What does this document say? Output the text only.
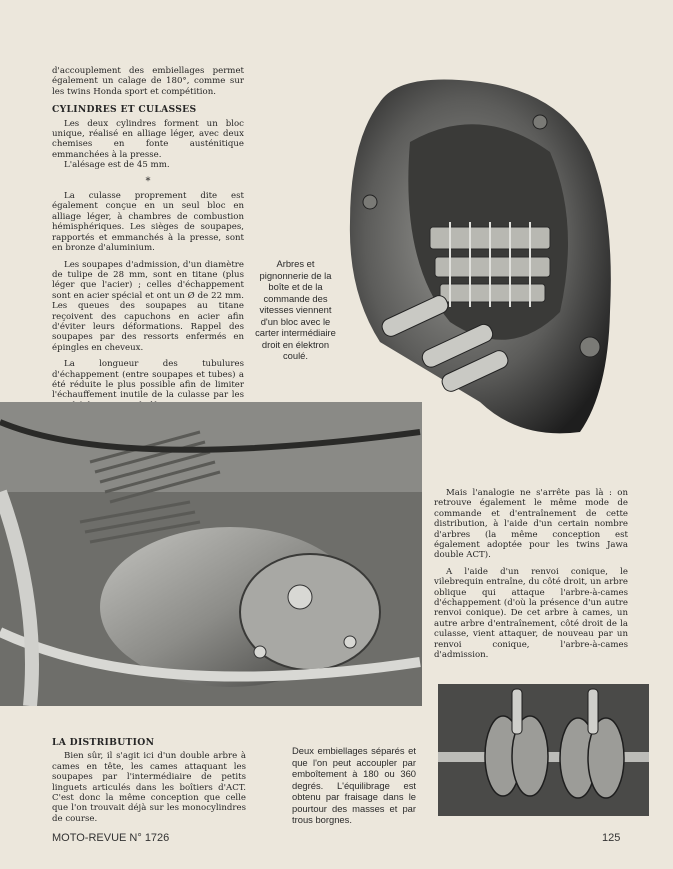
d'accouplement des embiellages permet également un calage de 180°, comme sur les twins Honda sport et compétition.

CYLINDRES ET CULASSES

Les deux cylindres forment un bloc unique, réalisé en alliage léger, avec deux chemises en fonte austénitique emmanchées à la presse.

L'alésage est de 45 mm.

*

La culasse proprement dite est également conçue en un seul bloc en alliage léger, à chambres de combustion hémisphériques. Les sièges de soupapes, rapportés et emmanchés à la presse, sont en bronze d'aluminium.

Les soupapes d'admission, d'un diamètre de tulipe de 28 mm, sont en titane (plus léger que l'acier) ; celles d'échappement sont en acier spécial et ont un Ø de 22 mm. Les queues des soupapes au titane reçoivent des capuchons en acier afin d'éviter leurs déformations. Rappel des soupapes par des ressorts enfermés en épingles en cheveux.

La longueur des tubulures d'échappement (entre soupapes et tubes) a été réduite le plus possible afin de limiter l'échauffement inutile de la culasse par les

Arbres et pignonnerie de la boîte et de la commande des vitesses viennent d'un bloc avec le carter intermédiaire droit en élektron coulé.

Mais l'analogie ne s'arrête pas là : on retrouve également le même mode de commande et d'entraînement de cette distribution, à l'aide d'un certain nombre d'arbres (la même conception est également adoptée pour les twins Jawa double ACT).

A l'aide d'un renvoi conique, le vilebrequin entraîne, du côté droit, un arbre oblique qui attaque l'arbre-à-cames d'échappement (d'où la présence d'un autre renvoi conique). De cet arbre à cames, un autre arbre d'entraînement, côté droit de la culasse, vient attaquer, de nouveau par un renvoi conique, l'arbre-à-cames d'admission.

LA DISTRIBUTION

Bien sûr, il s'agit ici d'un double arbre à cames en tête, les cames attaquant les soupapes par l'intermédiaire de petits linguets articulés dans les boîtiers d'ACT. C'est donc la même conception que celle que l'on trouvait déjà sur les monocylindres de course.

Deux embiellages séparés et que l'on peut accoupler par emboîtement à 180 ou 360 degrés. L'équilibrage est obtenu par fraisage dans le pourtour des masses et par trous borgnes.
MOTO-REVUE N° 1726	125
